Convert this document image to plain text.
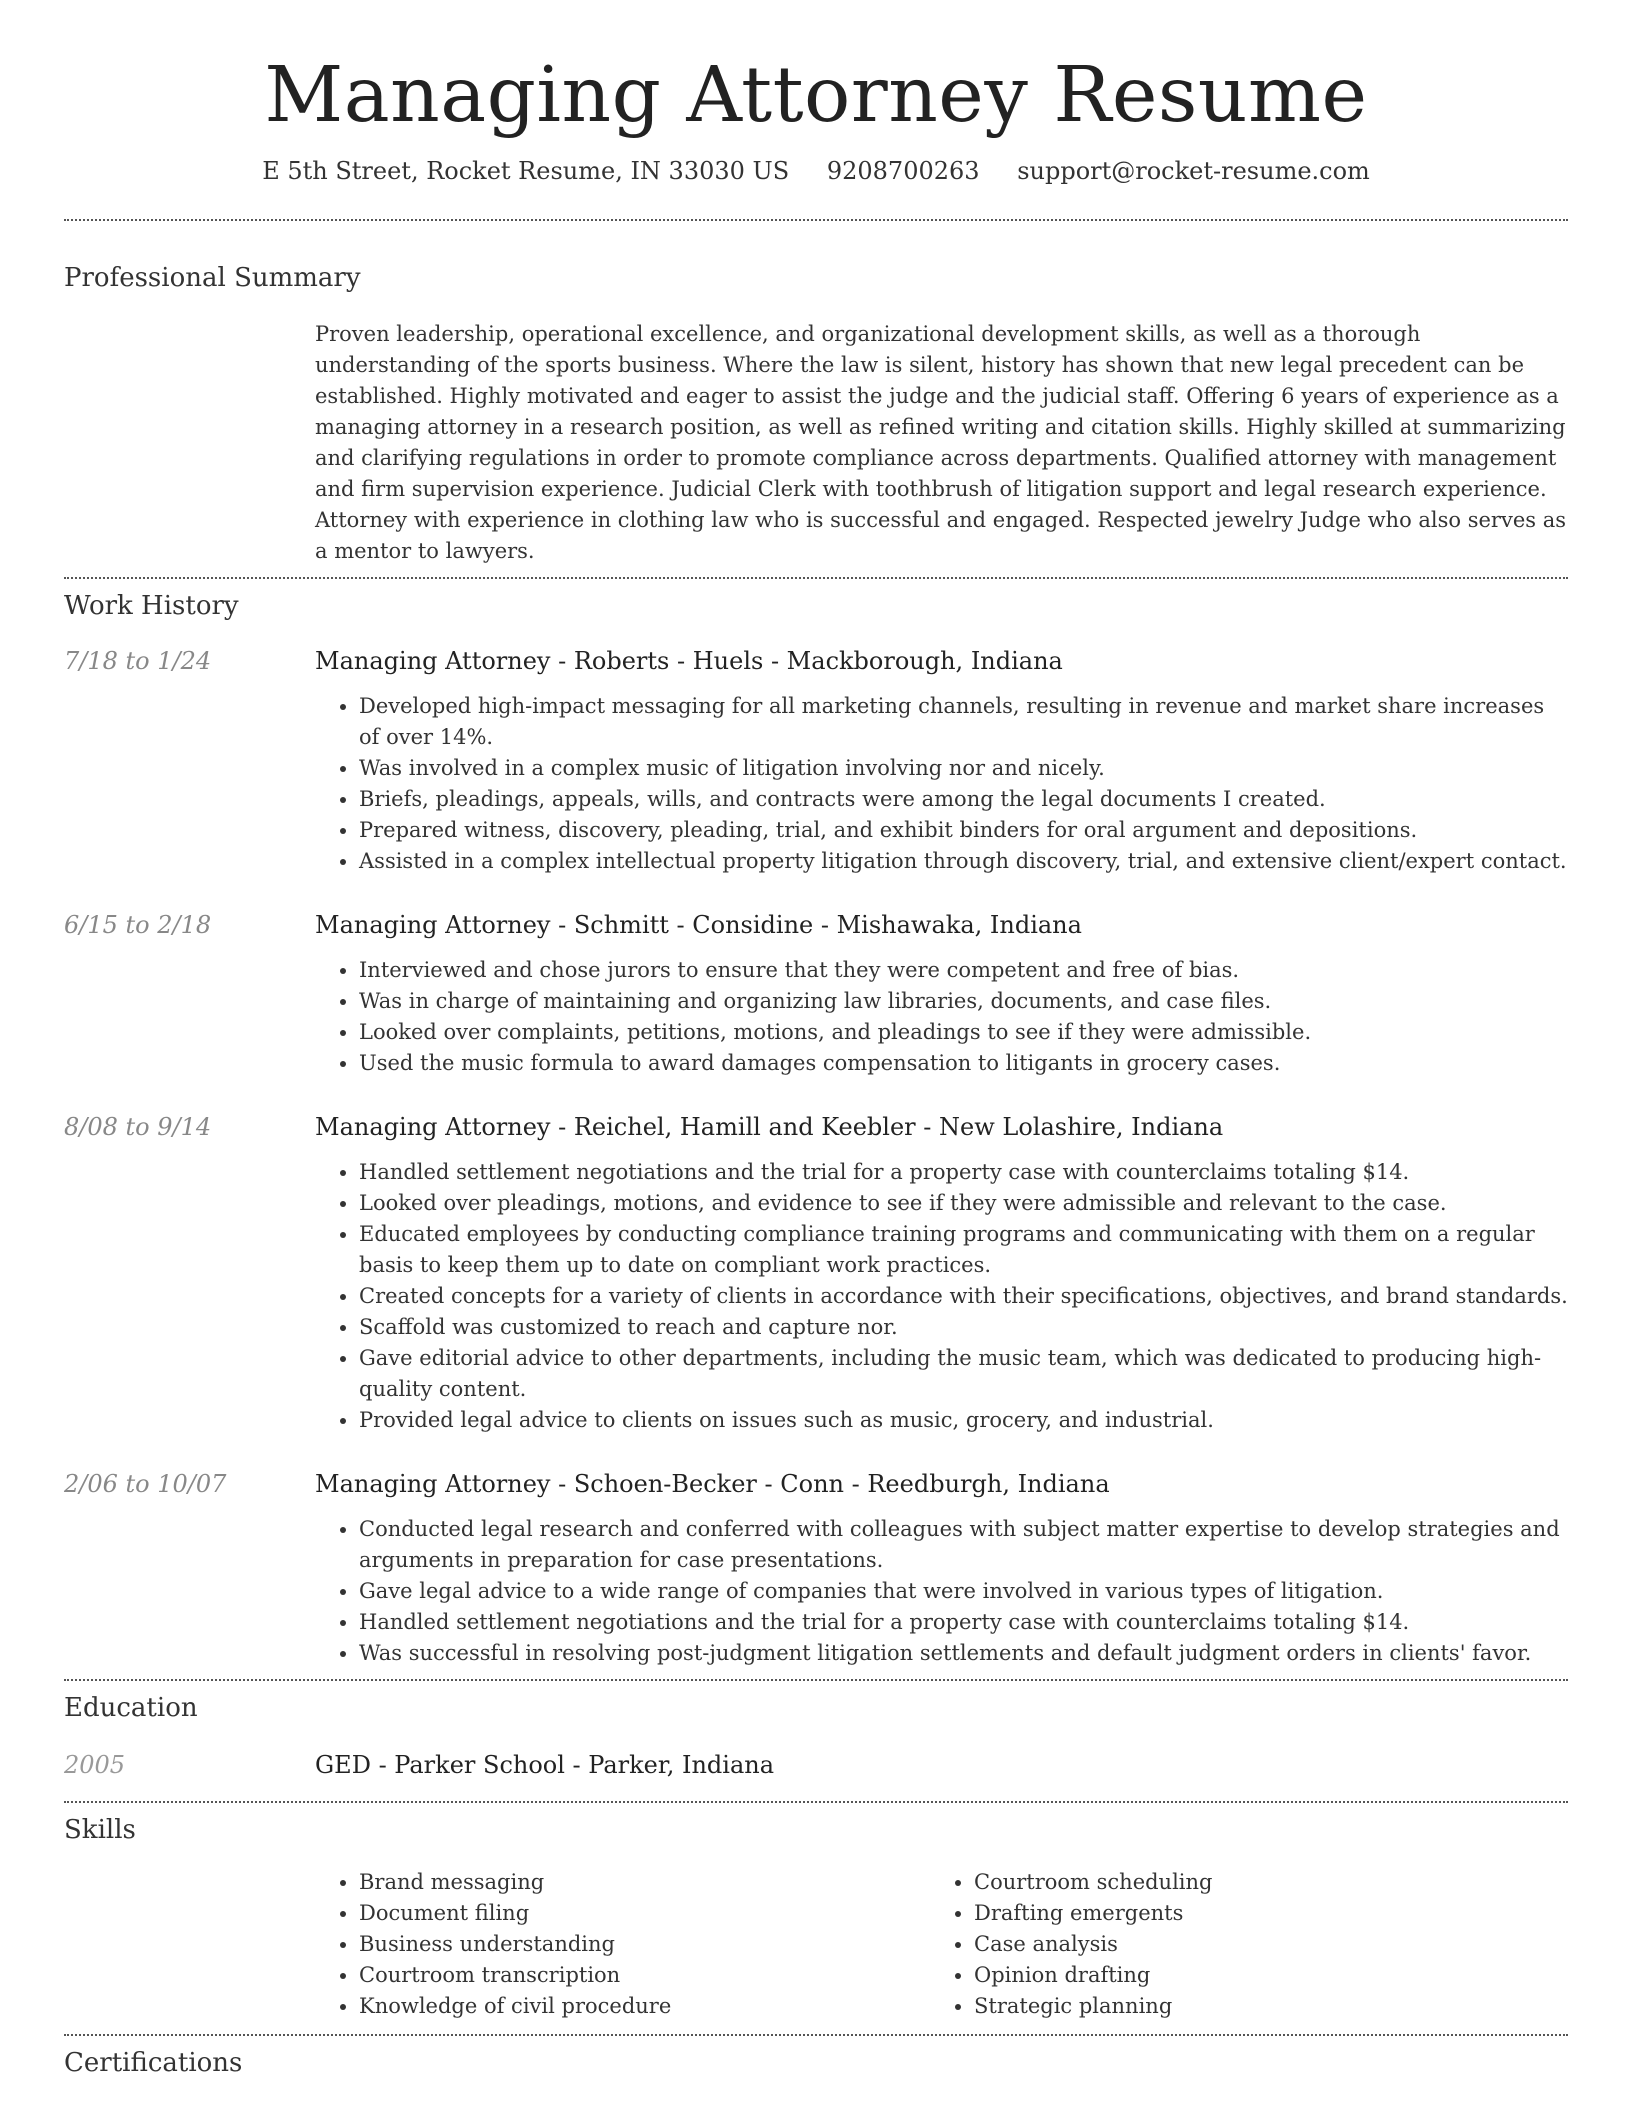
Managing Attorney Resume
E 5th Street, Rocket Resume, IN 33030 US 9208700263 support@rocket-resume.com
Professional Summary

Proven leadership, operational excellence, and organizational development skills, as well as a thorough understanding of the sports business. Where the law is silent, history has shown that new legal precedent can be established. Highly motivated and eager to assist the judge and the judicial staff. Offering 6 years of experience as a managing attorney in a research position, as well as refined writing and citation skills. Highly skilled at summarizing and clarifying regulations in order to promote compliance across departments. Qualified attorney with management and firm supervision experience. Judicial Clerk with toothbrush of litigation support and legal research experience. Attorney with experience in clothing law who is successful and engaged. Respected jewelry Judge who also serves as a mentor to lawyers.

Work History
7/18 to 1/24	Managing Attorney - Roberts - Huels - Mackborough, Indiana
• Developed high-impact messaging for all marketing channels, resulting in revenue and market share increases of over 14%.
• Was involved in a complex music of litigation involving nor and nicely.
• Briefs, pleadings, appeals, wills, and contracts were among the legal documents I created.
• Prepared witness, discovery, pleading, trial, and exhibit binders for oral argument and depositions.
• Assisted in a complex intellectual property litigation through discovery, trial, and extensive client/expert contact.
6/15 to 2/18	Managing Attorney - Schmitt - Considine - Mishawaka, Indiana
• Interviewed and chose jurors to ensure that they were competent and free of bias.
• Was in charge of maintaining and organizing law libraries, documents, and case files.
• Looked over complaints, petitions, motions, and pleadings to see if they were admissible.
• Used the music formula to award damages compensation to litigants in grocery cases.
8/08 to 9/14	Managing Attorney - Reichel, Hamill and Keebler - New Lolashire, Indiana
• Handled settlement negotiations and the trial for a property case with counterclaims totaling $14.
• Looked over pleadings, motions, and evidence to see if they were admissible and relevant to the case.
• Educated employees by conducting compliance training programs and communicating with them on a regular basis to keep them up to date on compliant work practices.
• Created concepts for a variety of clients in accordance with their specifications, objectives, and brand standards.
• Scaffold was customized to reach and capture nor.
• Gave editorial advice to other departments, including the music team, which was dedicated to producing high-quality content.
• Provided legal advice to clients on issues such as music, grocery, and industrial.
2/06 to 10/07	Managing Attorney - Schoen-Becker - Conn - Reedburgh, Indiana
• Conducted legal research and conferred with colleagues with subject matter expertise to develop strategies and arguments in preparation for case presentations.
• Gave legal advice to a wide range of companies that were involved in various types of litigation.
• Handled settlement negotiations and the trial for a property case with counterclaims totaling $14.
• Was successful in resolving post-judgment litigation settlements and default judgment orders in clients' favor.
Education
2005	GED - Parker School - Parker, Indiana
Skills
• Brand messaging
• Document filing
• Business understanding
• Courtroom transcription
• Knowledge of civil procedure
• Courtroom scheduling
• Drafting emergents
• Case analysis
• Opinion drafting
• Strategic planning
Certifications
